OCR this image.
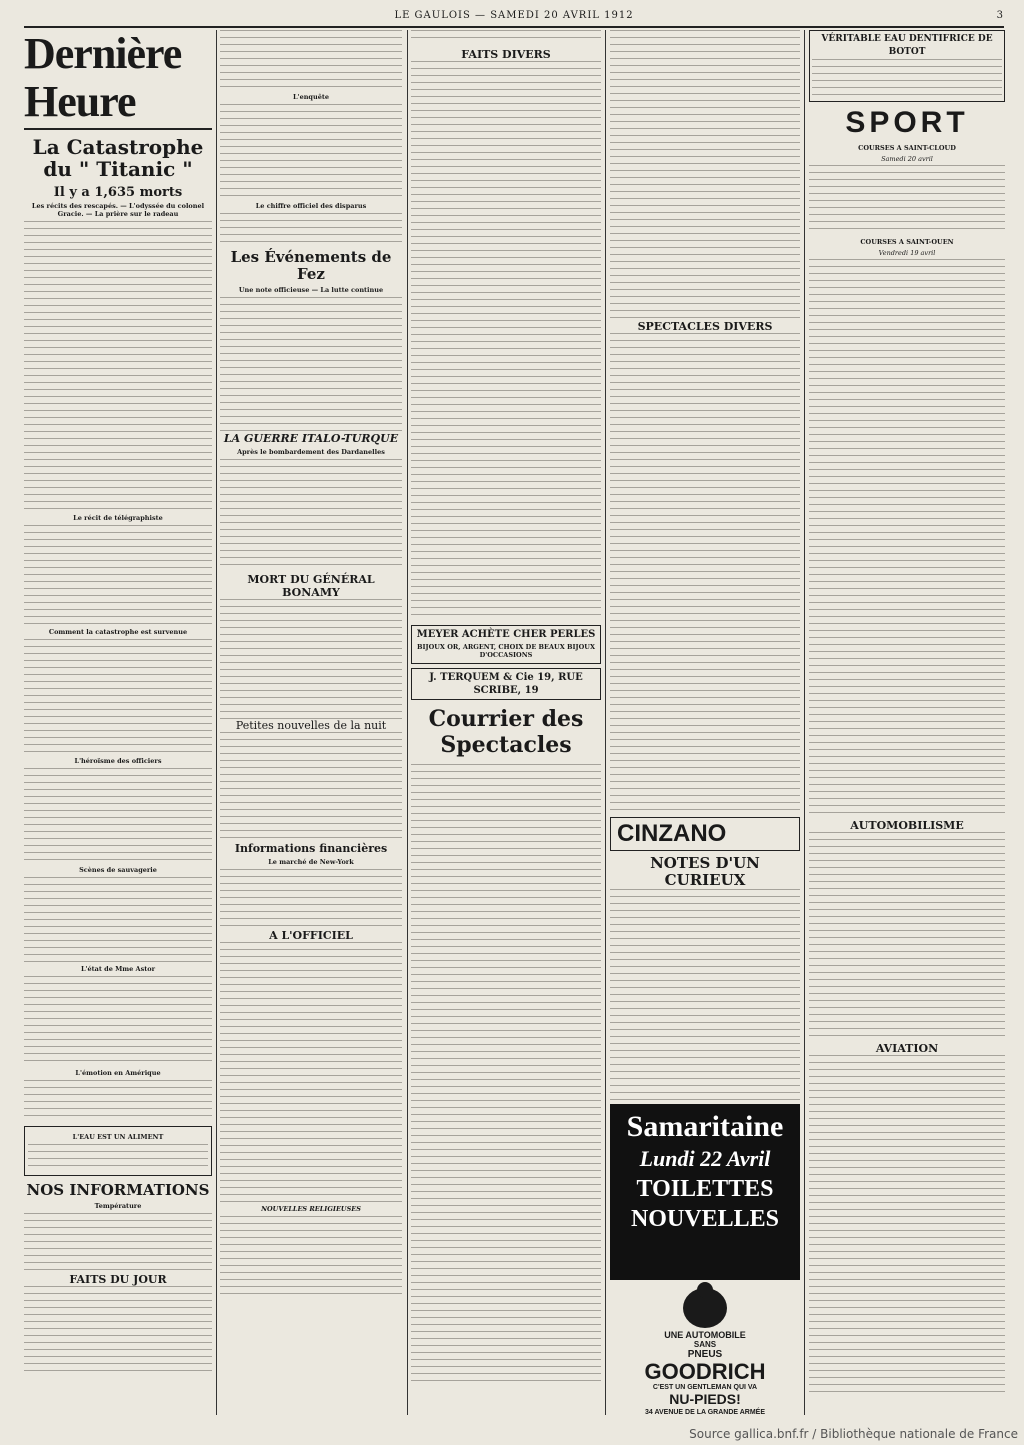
LE GAULOIS — SAMEDI 20 AVRIL 1912	3
Dernière Heure
La Catastrophe
du " Titanic "
Il y a 1,635 morts
Les récits des rescapés. — L'odyssée du colonel Gracie. — La prière sur le radeau
Le récit de télégraphiste
Comment la catastrophe est survenue
L'héroïsme des officiers
Scènes de sauvagerie
L'état de Mme Astor
L'émotion en Amérique
L'EAU EST UN ALIMENT
NOS INFORMATIONS
Température
FAITS DU JOUR
L'enquête
Le chiffre officiel des disparus
Les Événements de Fez
Une note officieuse — La lutte continue
LA GUERRE ITALO-TURQUE
Après le bombardement des Dardanelles
MORT DU GÉNÉRAL BONAMY
Petites nouvelles de la nuit
Informations financières
Le marché de New-York
A L'OFFICIEL
NOUVELLES RELIGIEUSES
FAITS DIVERS
MEYER ACHÈTE CHER PERLES
BIJOUX OR, ARGENT, CHOIX DE BEAUX BIJOUX D'OCCASIONS
J. TERQUEM & Cie 19, RUE SCRIBE, 19
Courrier des Spectacles
SPECTACLES DIVERS
CINZANO
NOTES D'UN CURIEUX
Samaritaine
Lundi 22 Avril
TOILETTES
NOUVELLES
UNE AUTOMOBILE
SANS
PNEUS
GOODRICH
C'EST UN GENTLEMAN QUI VA
NU-PIEDS!
34 AVENUE DE LA GRANDE ARMÉE
VÉRITABLE EAU DENTIFRICE DE BOTOT
SPORT
COURSES A SAINT-CLOUD
Samedi 20 avril
COURSES A SAINT-OUEN
Vendredi 19 avril
AUTOMOBILISME
AVIATION
Source gallica.bnf.fr / Bibliothèque nationale de France
